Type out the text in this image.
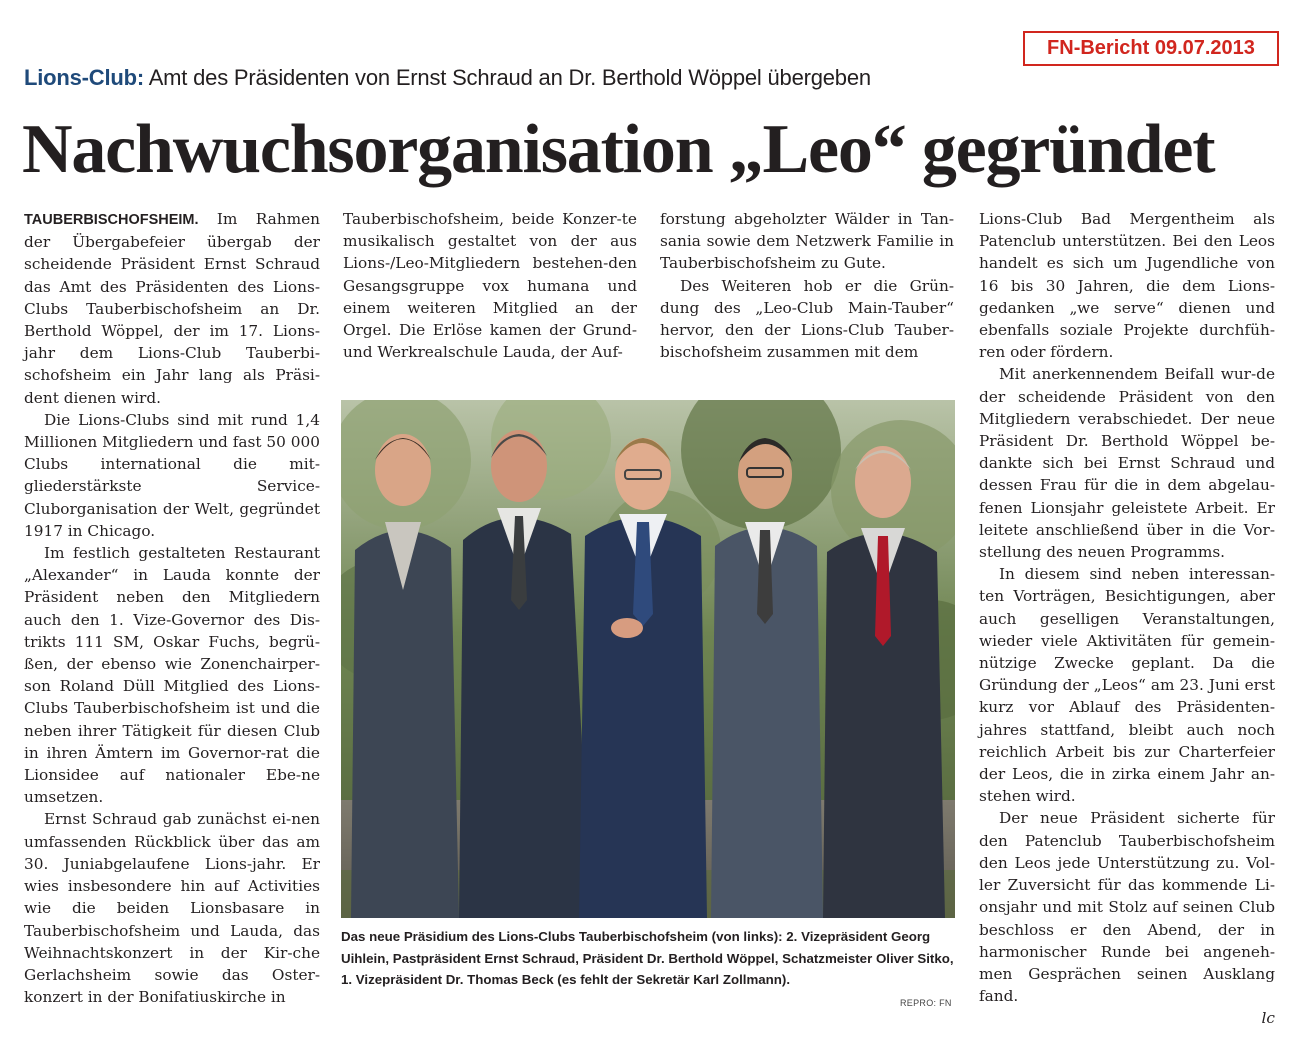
FN-Bericht 09.07.2013
Lions-Club: Amt des Präsidenten von Ernst Schraud an Dr. Berthold Wöppel übergeben
Nachwuchsorganisation „Leo“ gegründet

TAUBERBISCHOFSHEIM. Im Rahmen der Übergabefeier übergab der scheidende Präsident Ernst Schraud das Amt des Präsidenten des Lions-Clubs Tauberbischofsheim an Dr. Berthold Wöppel, der im 17. Lions-jahr dem Lions-Club Tauberbi-schofsheim ein Jahr lang als Präsi-dent dienen wird.

Die Lions-Clubs sind mit rund 1,4 Millionen Mitgliedern und fast 50 000 Clubs international die mit-gliederstärkste Service-Cluborganisation der Welt, gegründet 1917 in Chicago.

Im festlich gestalteten Restaurant „Alexander“ in Lauda konnte der Präsident neben den Mitgliedern auch den 1. Vize-Governor des Dis-trikts 111 SM, Oskar Fuchs, begrü-ßen, der ebenso wie Zonenchairper-son Roland Düll Mitglied des Lions-Clubs Tauberbischofsheim ist und die neben ihrer Tätigkeit für diesen Club in ihren Ämtern im Governor-rat die Lionsidee auf nationaler Ebe-ne umsetzen.

Ernst Schraud gab zunächst ei-nen umfassenden Rückblick über das am 30. Juniabgelaufene Lions-jahr. Er wies insbesondere hin auf Activities wie die beiden Lionsbasare in Tauberbischofsheim und Lauda, das Weihnachtskonzert in der Kir-che Gerlachsheim sowie das Oster-konzert in der Bonifatiuskirche in

Tauberbischofsheim, beide Konzer-te musikalisch gestaltet von der aus Lions-/Leo-Mitgliedern bestehen-den Gesangsgruppe vox humana und einem weiteren Mitglied an der Orgel. Die Erlöse kamen der Grund-und Werkrealschule Lauda, der Auf-

forstung abgeholzter Wälder in Tan-sania sowie dem Netzwerk Familie in Tauberbischofsheim zu Gute.

Des Weiteren hob er die Grün-dung des „Leo-Club Main-Tauber“ hervor, den der Lions-Club Tauber-bischofsheim zusammen mit dem

Lions-Club Bad Mergentheim als Patenclub unterstützen. Bei den Leos handelt es sich um Jugendliche von 16 bis 30 Jahren, die dem Lions-gedanken „we serve“ dienen und ebenfalls soziale Projekte durchfüh-ren oder fördern.

Mit anerkennendem Beifall wur-de der scheidende Präsident von den Mitgliedern verabschiedet. Der neue Präsident Dr. Berthold Wöppel be-dankte sich bei Ernst Schraud und dessen Frau für die in dem abgelau-fenen Lionsjahr geleistete Arbeit. Er leitete anschließend über in die Vor-stellung des neuen Programms.

In diesem sind neben interessan-ten Vorträgen, Besichtigungen, aber auch geselligen Veranstaltungen, wieder viele Aktivitäten für gemein-nützige Zwecke geplant. Da die Gründung der „Leos“ am 23. Juni erst kurz vor Ablauf des Präsidenten-jahres stattfand, bleibt auch noch reichlich Arbeit bis zur Charterfeier der Leos, die in zirka einem Jahr an-stehen wird.

Der neue Präsident sicherte für den Patenclub Tauberbischofsheim den Leos jede Unterstützung zu. Vol-ler Zuversicht für das kommende Li-onsjahr und mit Stolz auf seinen Club beschloss er den Abend, der in harmonischer Runde bei angeneh-men Gesprächen seinen Ausklang fand.

lc

Das neue Präsidium des Lions-Clubs Tauberbischofsheim (von links): 2. Vizepräsident Georg Uihlein, Pastpräsident Ernst Schraud, Präsident Dr. Berthold Wöppel, Schatzmeister Oliver Sitko, 1. Vizepräsident Dr. Thomas Beck (es fehlt der Sekretär Karl Zollmann).
REPRO: FN
